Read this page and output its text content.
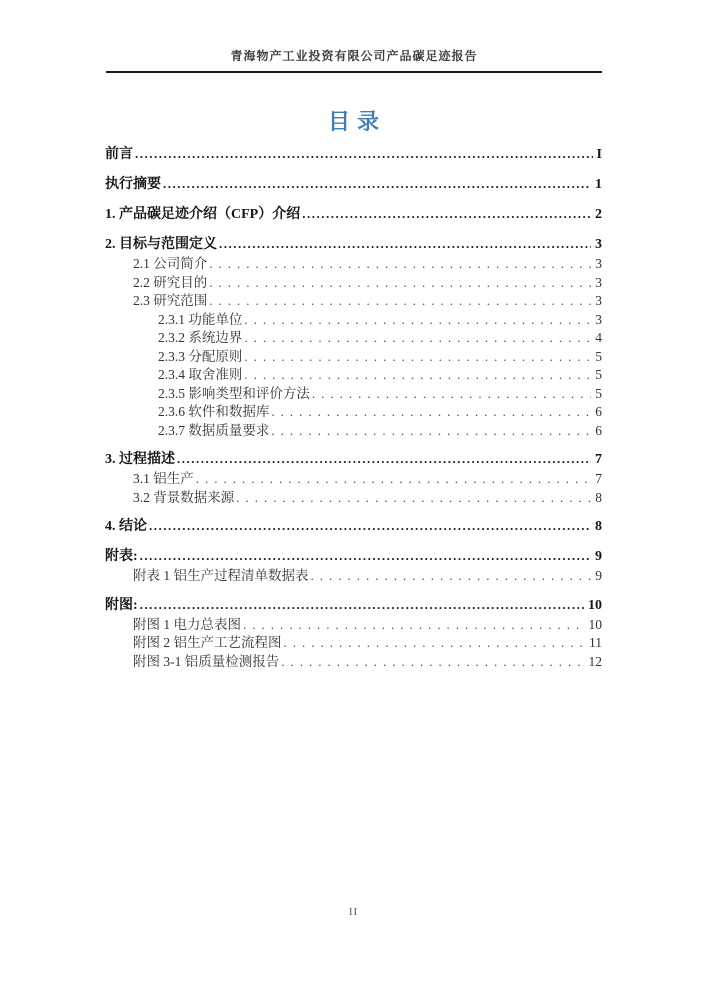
青海物产工业投资有限公司产品碳足迹报告
目录
前言 .....	I
执行摘要 .....	1
1. 产品碳足迹介绍（CFP）介绍 .....	2
2. 目标与范围定义 .....	3
2.1 公司简介 .....	3
2.2 研究目的 .....	3
2.3 研究范围 .....	3
2.3.1 功能单位 .....	3
2.3.2 系统边界 .....	4
2.3.3 分配原则 .....	5
2.3.4 取舍准则 .....	5
2.3.5 影响类型和评价方法 .....	5
2.3.6 软件和数据库 .....	6
2.3.7 数据质量要求 .....	6
3. 过程描述 .....	7
3.1 铝生产 .....	7
3.2 背景数据来源 .....	8
4. 结论 .....	8
附表: .....	9
附表 1 铝生产过程清单数据表 .....	9
附图: .....	10
附图 1 电力总表图 .....	10
附图 2 铝生产工艺流程图 .....	11
附图 3-1 铝质量检测报告 .....	12
II
